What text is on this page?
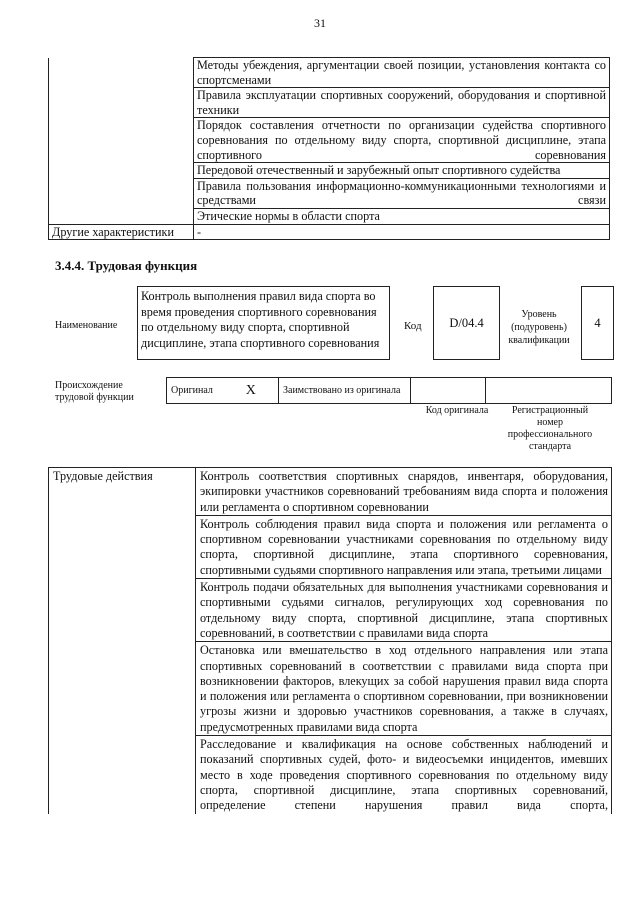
31
	Методы убеждения, аргументации своей позиции, установления контакта со спортсменами
	Правила эксплуатации спортивных сооружений, оборудования и спортивной техники
	Порядок составления отчетности по организации судейства спортивного соревнования по отдельному виду спорта, спортивной дисциплине, этапа спортивного соревнования
	Передовой отечественный и зарубежный опыт спортивного судейства
	Правила пользования информационно-коммуникационными технологиями и средствами связи
	Этические нормы в области спорта
Другие характеристики	-
3.4.4. Трудовая функция
Наименование
Контроль выполнения правил вида спорта во время проведения спортивного соревнования по отдельному виду спорта, спортивной дисциплине, этапа спортивного соревнования
Код	D/04.4
Уровень (подуровень) квалификации
4
Происхождение трудовой функции
Оригинал	X	Заимствовано из оригинала		
Код оригинала	Регистрационный номер профессионального стандарта
Трудовые действия	Контроль соответствия спортивных снарядов, инвентаря, оборудования, экипировки участников соревнований требованиям вида спорта и положения или регламента о спортивном соревновании
	Контроль соблюдения правил вида спорта и положения или регламента о спортивном соревновании участниками соревнования по отдельному виду спорта, спортивной дисциплине, этапа спортивного соревнования, спортивными судьями спортивного направления или этапа, третьими лицами
	Контроль подачи обязательных для выполнения участниками соревнования и спортивными судьями сигналов, регулирующих ход соревнования по отдельному виду спорта, спортивной дисциплине, этапа спортивных соревнований, в соответствии с правилами вида спорта
	Остановка или вмешательство в ход отдельного направления или этапа спортивных соревнований в соответствии с правилами вида спорта при возникновении факторов, влекущих за собой нарушения правил вида спорта и положения или регламента о спортивном соревновании, при возникновении угрозы жизни и здоровью участников соревнования, а также в случаях, предусмотренных правилами вида спорта
	Расследование и квалификация на основе собственных наблюдений и показаний спортивных судей, фото- и видеосъемки инцидентов, имевших место в ходе проведения спортивного соревнования по отдельному виду спорта, спортивной дисциплине, этапа спортивных соревнований, определение степени нарушения правил вида спорта,
